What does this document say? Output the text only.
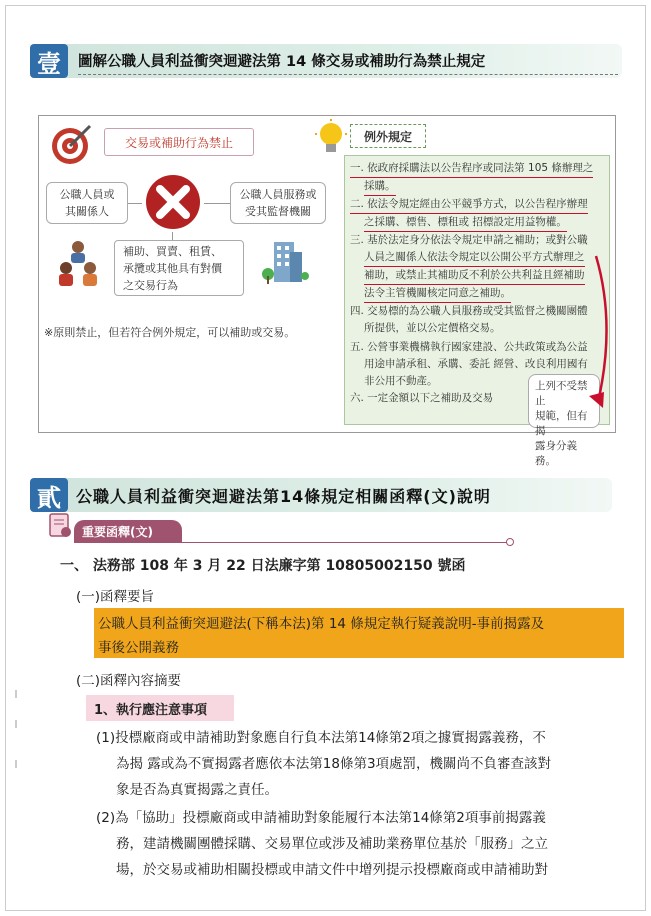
壹	圖解公職人員利益衝突迴避法第 14 條交易或補助行為禁止規定
交易或補助行為禁止
公職人員或
其關係人
公職人員服務或
受其監督機關
補助、買賣、租賃、
承攬或其他具有對價
之交易行為
※原則禁止，但若符合例外規定，可以補助或交易。
例外規定
一. 依政府採購法以公告程序或同法第 105 條辦理之
採購。
二. 依法令規定經由公平競爭方式，以公告程序辦理
之採購、標售、標租或 招標設定用益物權。
三. 基於法定身分依法令規定申請之補助；或對公職
人員之關係人依法令規定以公開公平方式辦理之
補助，或禁止其補助反不利於公共利益且經補助
法令主管機關核定同意之補助。
四. 交易標的為公職人員服務或受其監督之機關團體
所提供，並以公定價格交易。
五. 公營事業機構執行國家建設、公共政策或為公益
用途申請承租、承購、委託 經營、改良利用國有
非公用不動產。
六. 一定金額以下之補助及交易
上列不受禁止
規範，但有揭
露身分義務。
貳 公職人員利益衝突迴避法第14條規定相關函釋(文)說明
重要函釋(文)
一、 法務部 108 年 3 月 22 日法廉字第 10805002150 號函
(一)函釋要旨
公職人員利益衝突迴避法(下稱本法)第 14 條規定執行疑義說明-事前揭露及
事後公開義務
(二)函釋內容摘要
1、執行應注意事項
(1)投標廠商或申請補助對象應自行負本法第14條第2項之據實揭露義務，不
為揭 露或為不實揭露者應依本法第18條第3項處罰，機關尚不負審查該對
象是否為真實揭露之責任。
(2)為「協助」投標廠商或申請補助對象能履行本法第14條第2項事前揭露義
務，建請機關團體採購、交易單位或涉及補助業務單位基於「服務」之立
場，於交易或補助相關投標或申請文件中增列提示投標廠商或申請補助對
